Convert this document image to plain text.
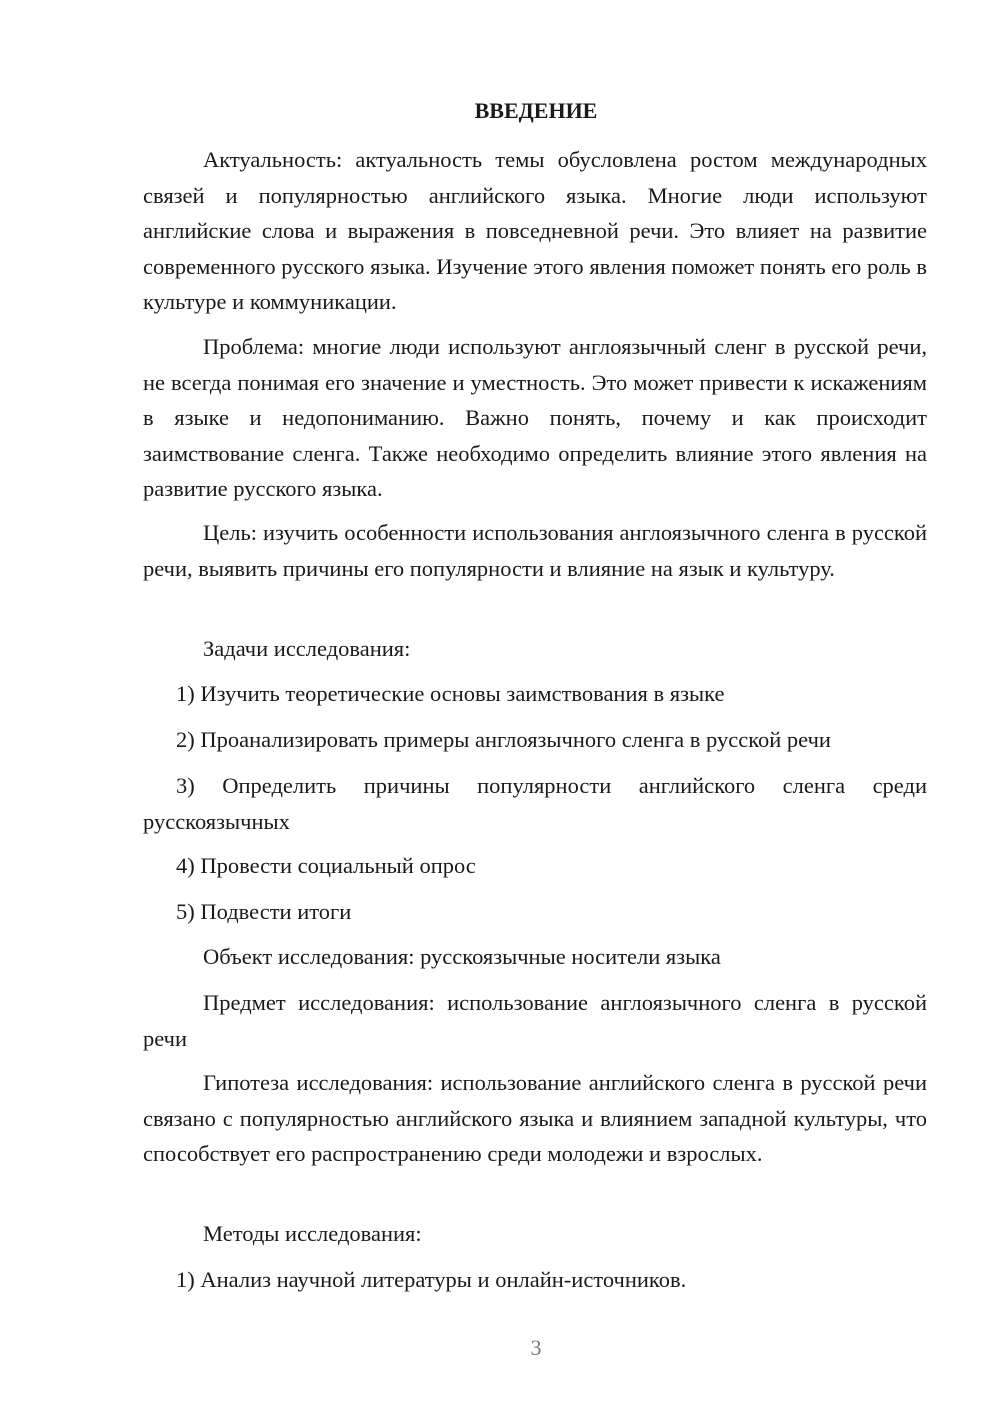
ВВЕДЕНИЕ

Актуальность: актуальность темы обусловлена ростом международных связей и популярностью английского языка. Многие люди используют английские слова и выражения в повседневной речи. Это влияет на развитие современного русского языка. Изучение этого явления поможет понять его роль в культуре и коммуникации.

Проблема: многие люди используют англоязычный сленг в русской речи, не всегда понимая его значение и уместность. Это может привести к искажениям в языке и недопониманию. Важно понять, почему и как происходит заимствование сленга. Также необходимо определить влияние этого явления на развитие русского языка.

Цель: изучить особенности использования англоязычного сленга в русской речи, выявить причины его популярности и влияние на язык и культуру.

Задачи исследования:

1) Изучить теоретические основы заимствования в языке

2) Проанализировать примеры англоязычного сленга в русской речи

3) Определить причины популярности английского сленга среди русскоязычных

4) Провести социальный опрос

5) Подвести итоги

Объект исследования: русскоязычные носители языка

Предмет исследования: использование англоязычного сленга в русской речи

Гипотеза исследования: использование английского сленга в русской речи связано с популярностью английского языка и влиянием западной культуры, что способствует его распространению среди молодежи и взрослых.

Методы исследования:

1) Анализ научной литературы и онлайн-источников.

3
